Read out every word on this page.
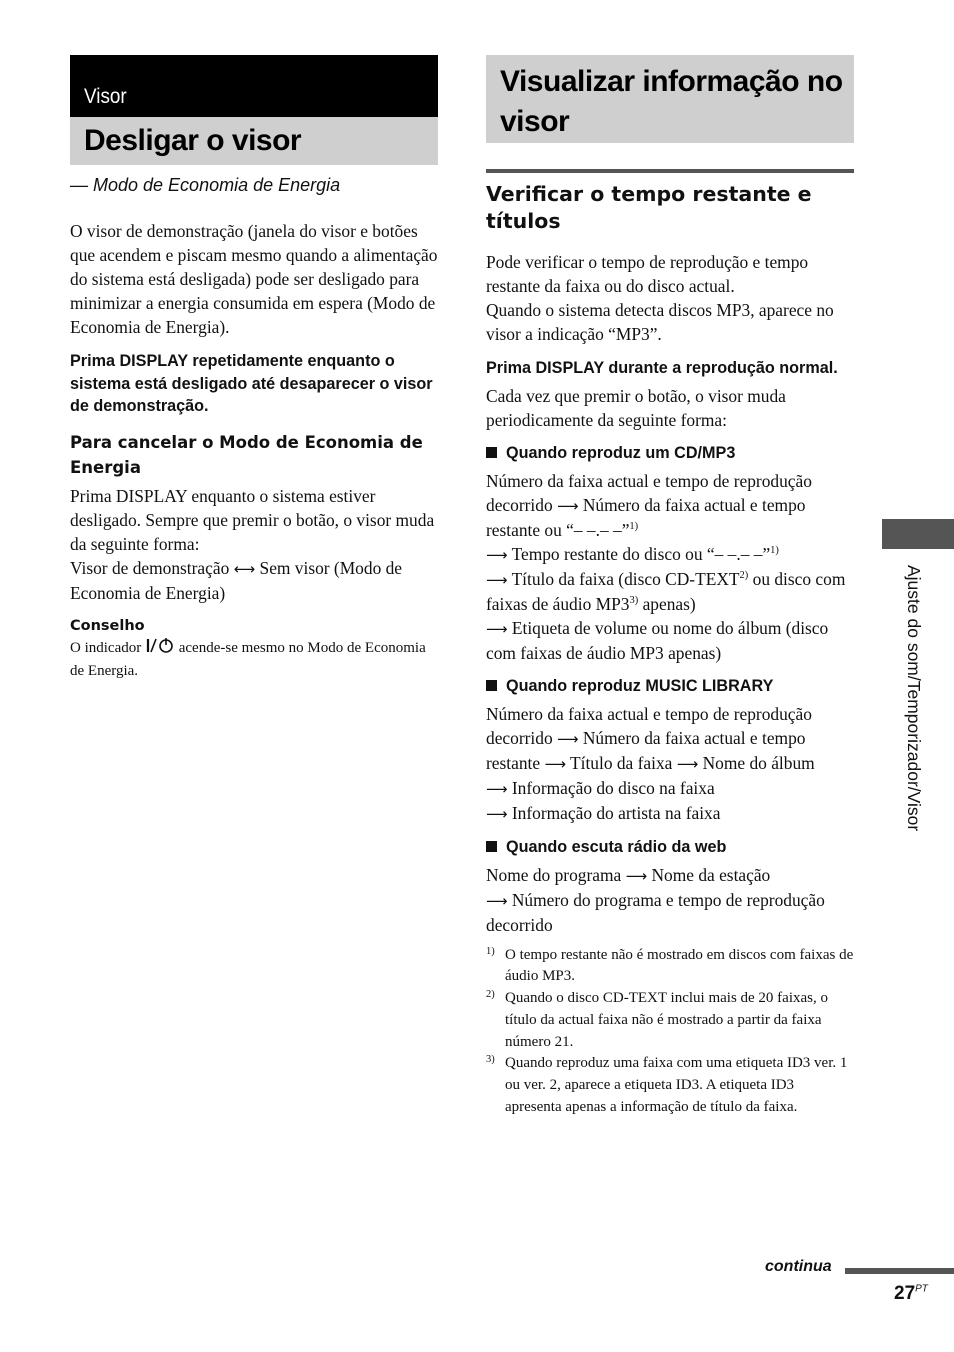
Visor
Desligar o visor
— Modo de Economia de Energia

O visor de demonstração (janela do visor e botões que acendem e piscam mesmo quando a alimentação do sistema está desligada) pode ser desligado para minimizar a energia consumida em espera (Modo de Economia de Energia).

Prima DISPLAY repetidamente enquanto o sistema está desligado até desaparecer o visor de demonstração.

Para cancelar o Modo de Economia de Energia

Prima DISPLAY enquanto o sistema estiver desligado. Sempre que premir o botão, o visor muda da seguinte forma:

Visor de demonstração ⟷ Sem visor (Modo de Economia de Energia)

Conselho

O indicador	acende-se mesmo no Modo de Economia de Energia.

Visualizar informação no visor
Verificar o tempo restante e títulos

Pode verificar o tempo de reprodução e tempo restante da faixa ou do disco actual.

Quando o sistema detecta discos MP3, aparece no visor a indicação “MP3”.

Prima DISPLAY durante a reprodução normal.

Cada vez que premir o botão, o visor muda periodicamente da seguinte forma:

Quando reproduz um CD/MP3

Número da faixa actual e tempo de reprodução decorrido ⟶ Número da faixa actual e tempo restante ou “– –.– –”$^{1)}$
⟶ Tempo restante do disco ou “– –.– –”$^{1)}$
⟶ Título da faixa (disco CD-TEXT$^{2)}$ ou disco com faixas de áudio MP3$^{3)}$ apenas)
⟶ Etiqueta de volume ou nome do álbum (disco com faixas de áudio MP3 apenas)

Quando reproduz MUSIC LIBRARY

Número da faixa actual e tempo de reprodução decorrido ⟶ Número da faixa actual e tempo restante ⟶ Título da faixa ⟶ Nome do álbum
⟶ Informação do disco na faixa
⟶ Informação do artista na faixa

Quando escuta rádio da web

Nome do programa ⟶ Nome da estação
⟶ Número do programa e tempo de reprodução decorrido

1) O tempo restante não é mostrado em discos com faixas de áudio MP3.

2) Quando o disco CD-TEXT inclui mais de 20 faixas, o título da actual faixa não é mostrado a partir da faixa número 21.

3) Quando reproduz uma faixa com uma etiqueta ID3 ver. 1 ou ver. 2, aparece a etiqueta ID3. A etiqueta ID3 apresenta apenas a informação de título da faixa.

Ajuste do som/Temporizador/Visor
continua
$27^{PT}$
